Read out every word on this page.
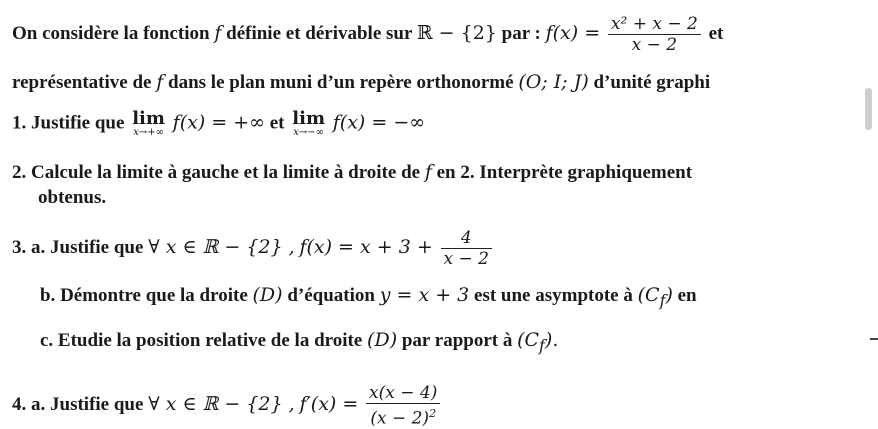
On considère la fonction f définie et dérivable sur ℝ − {2} par : $f(x) = \frac{\text{x² + x − 2}}{x - 2}$ et
représentative de f dans le plan muni d’un repère orthonormé (O; I; J) d’unité graphi
1. Justifie que lim
x→+∞ f(x) = +∞ et lim
x→−∞ f(x) = −∞
2. Calcule la limite à gauche et la limite à droite de f en 2. Interprète graphiquement
obtenus.
3. a. Justifie que ∀ x ∈ ℝ − {2} , $f(x) = x + 3 + \frac{4}{x - 2}$
b. Démontre que la droite (D) d’équation y = x + 3 est une asymptote à $(C_f)$ en
c. Etudie la position relative de la droite (D) par rapport à $(C_f)$.
4. a. Justifie que ∀ x ∈ ℝ − {2} , $f'(x) = \frac{x(x - 4)}{(x - 2)^2}$
